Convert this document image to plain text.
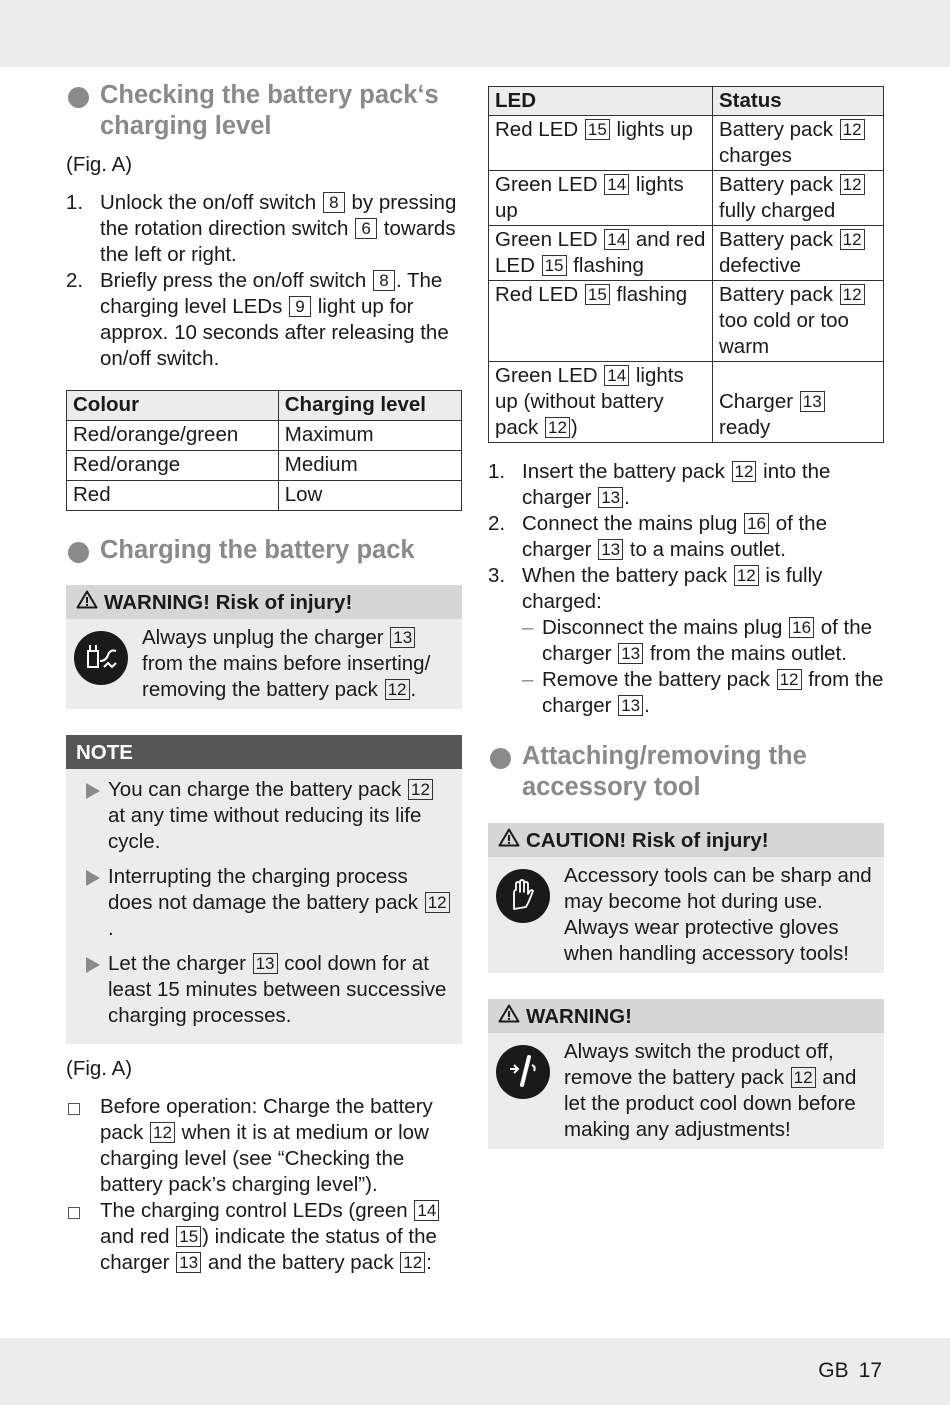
Checking the battery pack‘s charging level

(Fig. A)

1. Unlock the on/off switch 8 by pressing the rotation direction switch 6 towards the left or right.
2. Briefly press the on/off switch 8 . The charging level LEDs 9 light up for approx. 10 seconds after releasing the on/off switch.
Colour	Charging level
Red/orange/green	Maximum
Red/orange	Medium
Red	Low
Charging the battery pack
WARNING! Risk of injury!
Always unplug the charger 13 from the mains before inserting/ removing the battery pack 12 .
NOTE
You can charge the battery pack 12 at any time without reducing its life cycle.
Interrupting the charging process does not damage the battery pack 12.
Let the charger 13 cool down for at least 15 minutes between successive charging processes.

(Fig. A)

Before operation: Charge the battery pack 12 when it is at medium or low charging level (see “Checking the battery pack’s charging level”).
The charging control LEDs (green 14 and red 15 ) indicate the status of the charger 13 and the battery pack 12 :
LED	Status
Red LED 15 lights up	Battery pack 12 charges
Green LED 14 lights up	Battery pack 12 fully charged
Green LED 14 and red LED 15 flashing	Battery pack 12 defective
Red LED 15 flashing	Battery pack 12 too cold or too warm
Green LED 14 lights up (without battery pack 12 )	Charger 13 ready
1. Insert the battery pack 12 into the charger 13 .
2. Connect the mains plug 16 of the charger 13 to a mains outlet.
3. When the battery pack 12 is fully charged:
– Disconnect the mains plug 16 of the charger 13 from the mains outlet.
– Remove the battery pack 12 from the charger 13 .
Attaching/removing the accessory tool
CAUTION! Risk of injury!
Accessory tools can be sharp and may become hot during use. Always wear protective gloves when handling accessory tools!
WARNING!
Always switch the product off, remove the battery pack 12 and let the product cool down before making any adjustments!
GB 17
